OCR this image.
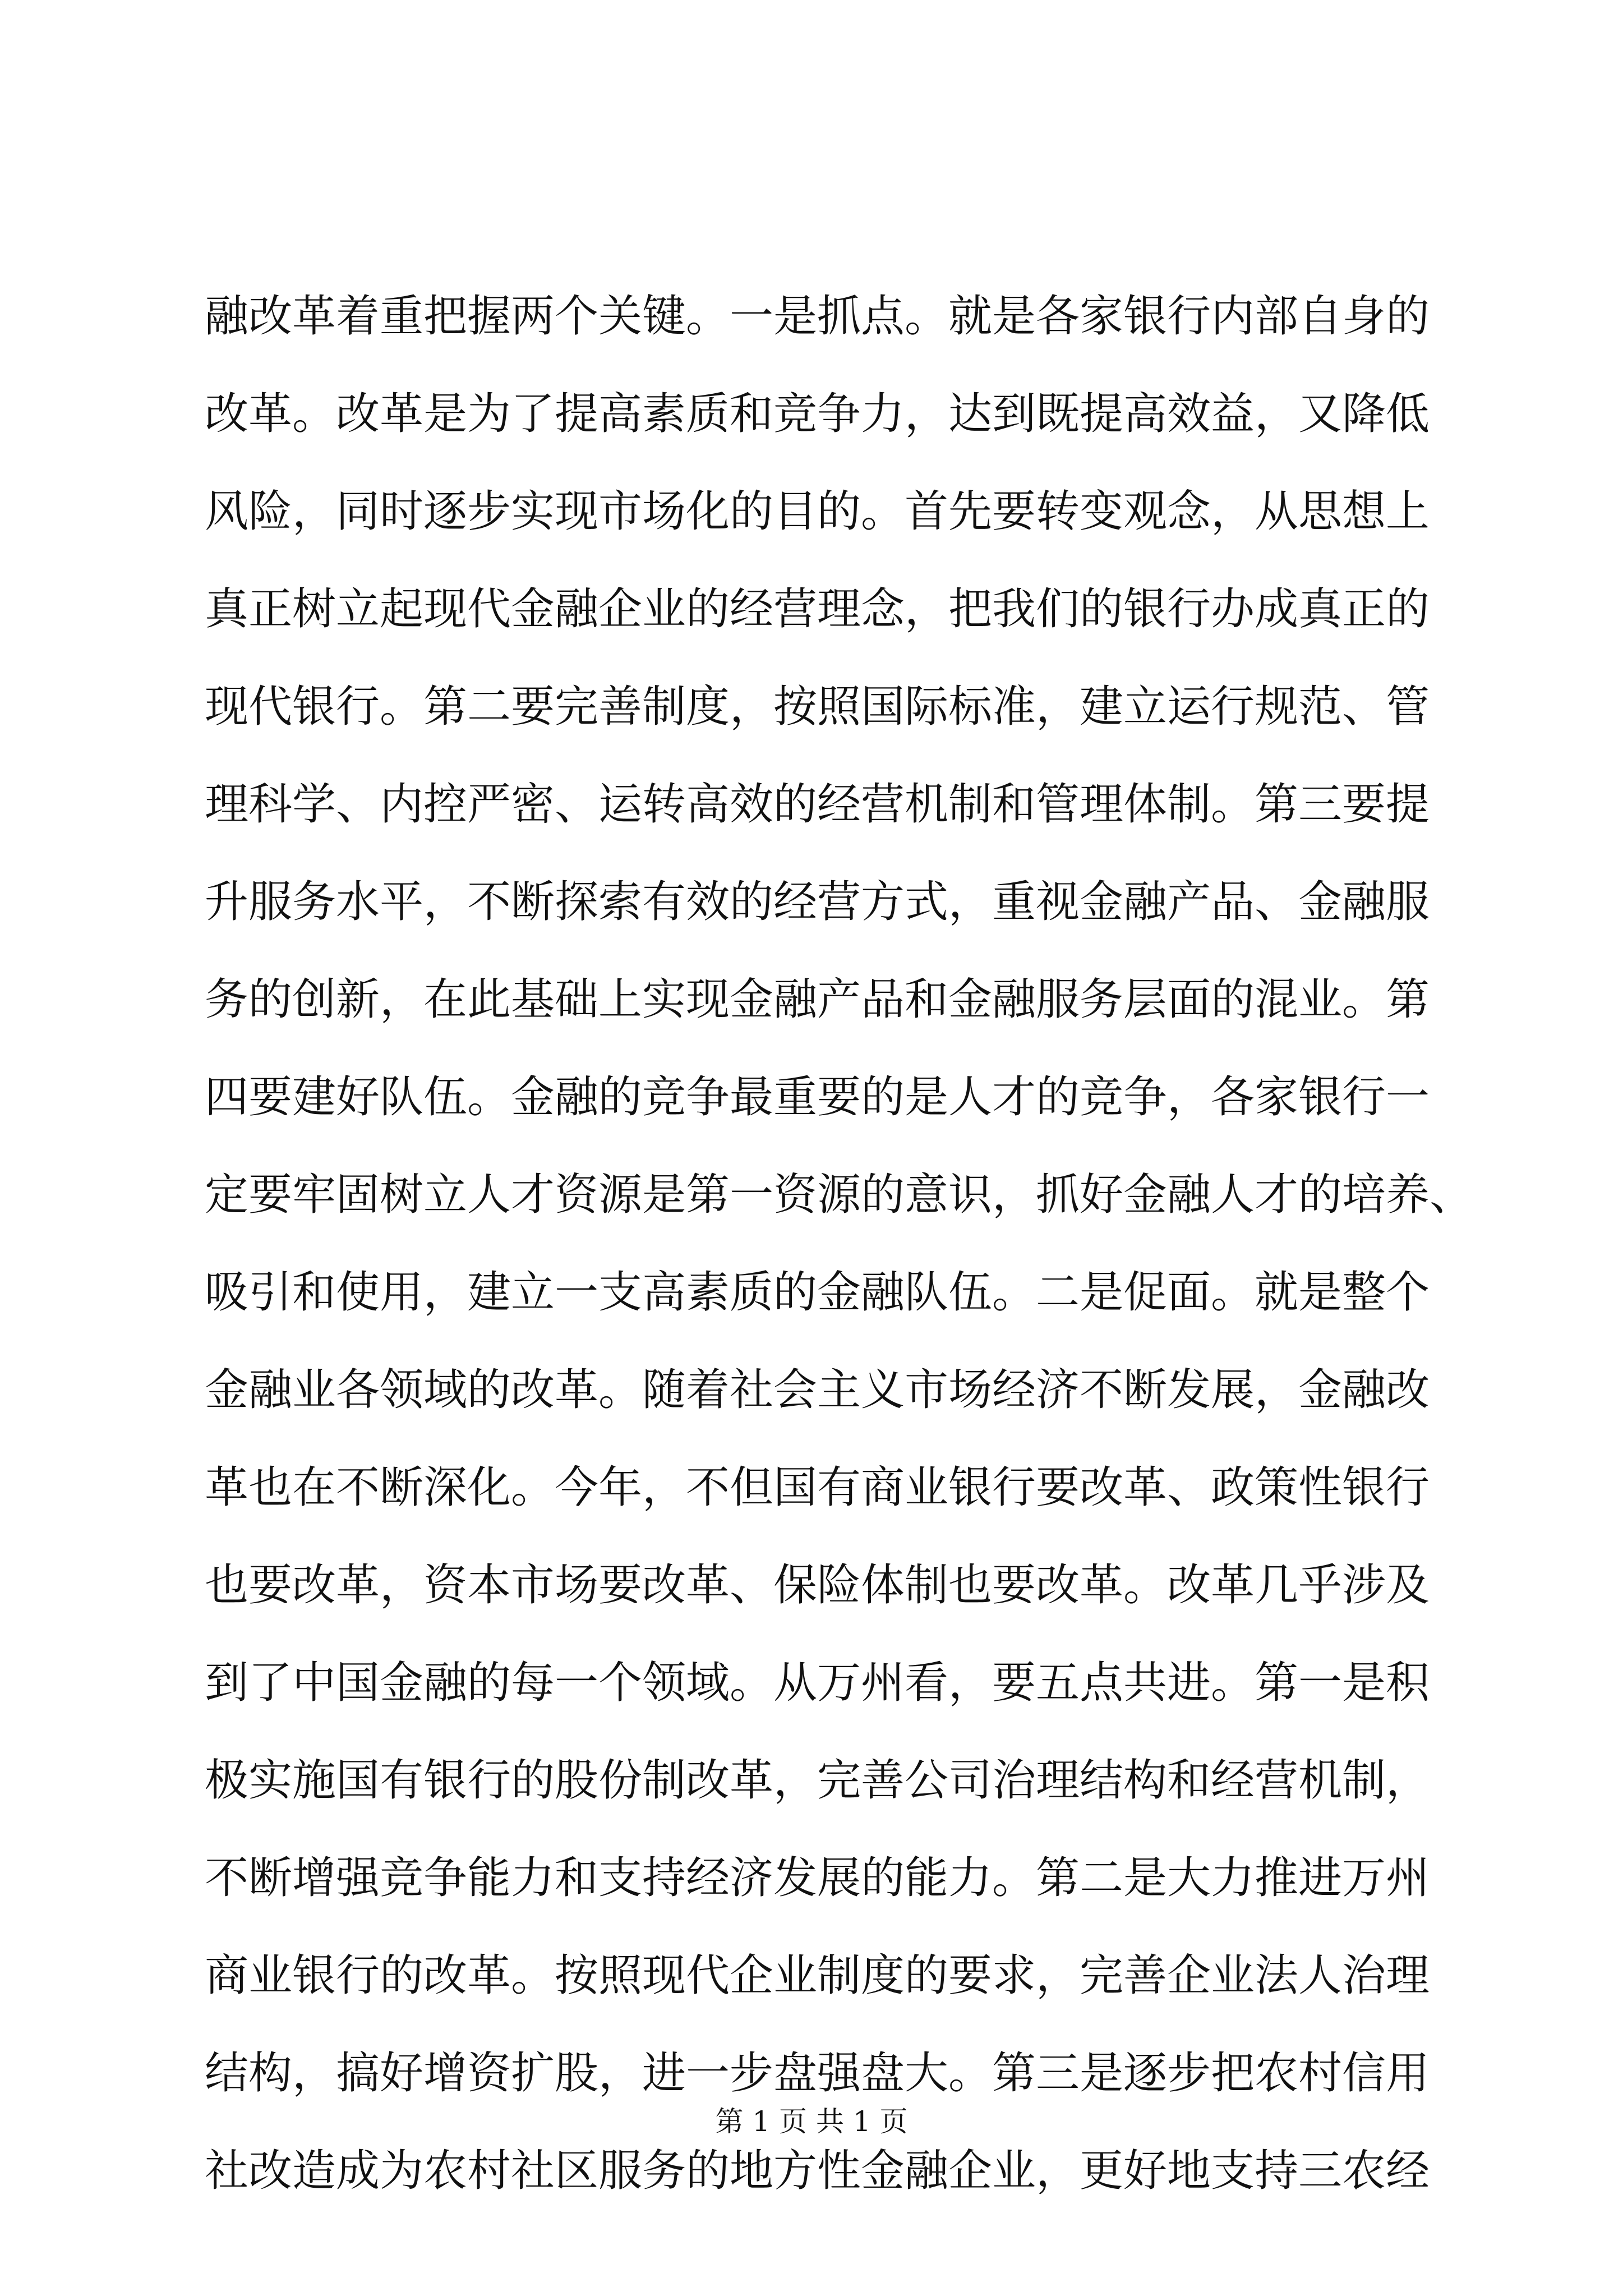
融改革着重把握两个关键。一是抓点。就是各家银行内部自身的
改革。改革是为了提高素质和竞争力，达到既提高效益，又降低
风险，同时逐步实现市场化的目的。首先要转变观念，从思想上
真正树立起现代金融企业的经营理念，把我们的银行办成真正的
现代银行。第二要完善制度，按照国际标准，建立运行规范、管
理科学、内控严密、运转高效的经营机制和管理体制。第三要提
升服务水平，不断探索有效的经营方式，重视金融产品、金融服
务的创新，在此基础上实现金融产品和金融服务层面的混业。第
四要建好队伍。金融的竞争最重要的是人才的竞争，各家银行一
定要牢固树立人才资源是第一资源的意识，抓好金融人才的培养、
吸引和使用，建立一支高素质的金融队伍。二是促面。就是整个
金融业各领域的改革。随着社会主义市场经济不断发展，金融改
革也在不断深化。今年，不但国有商业银行要改革、政策性银行
也要改革，资本市场要改革、保险体制也要改革。改革几乎涉及
到了中国金融的每一个领域。从万州看，要五点共进。第一是积
极实施国有银行的股份制改革，完善公司治理结构和经营机制，
不断增强竞争能力和支持经济发展的能力。第二是大力推进万州
商业银行的改革。按照现代企业制度的要求，完善企业法人治理
结构，搞好增资扩股，进一步盘强盘大。第三是逐步把农村信用
社改造成为农村社区服务的地方性金融企业，更好地支持三农经
第 1 页 共 1 页
